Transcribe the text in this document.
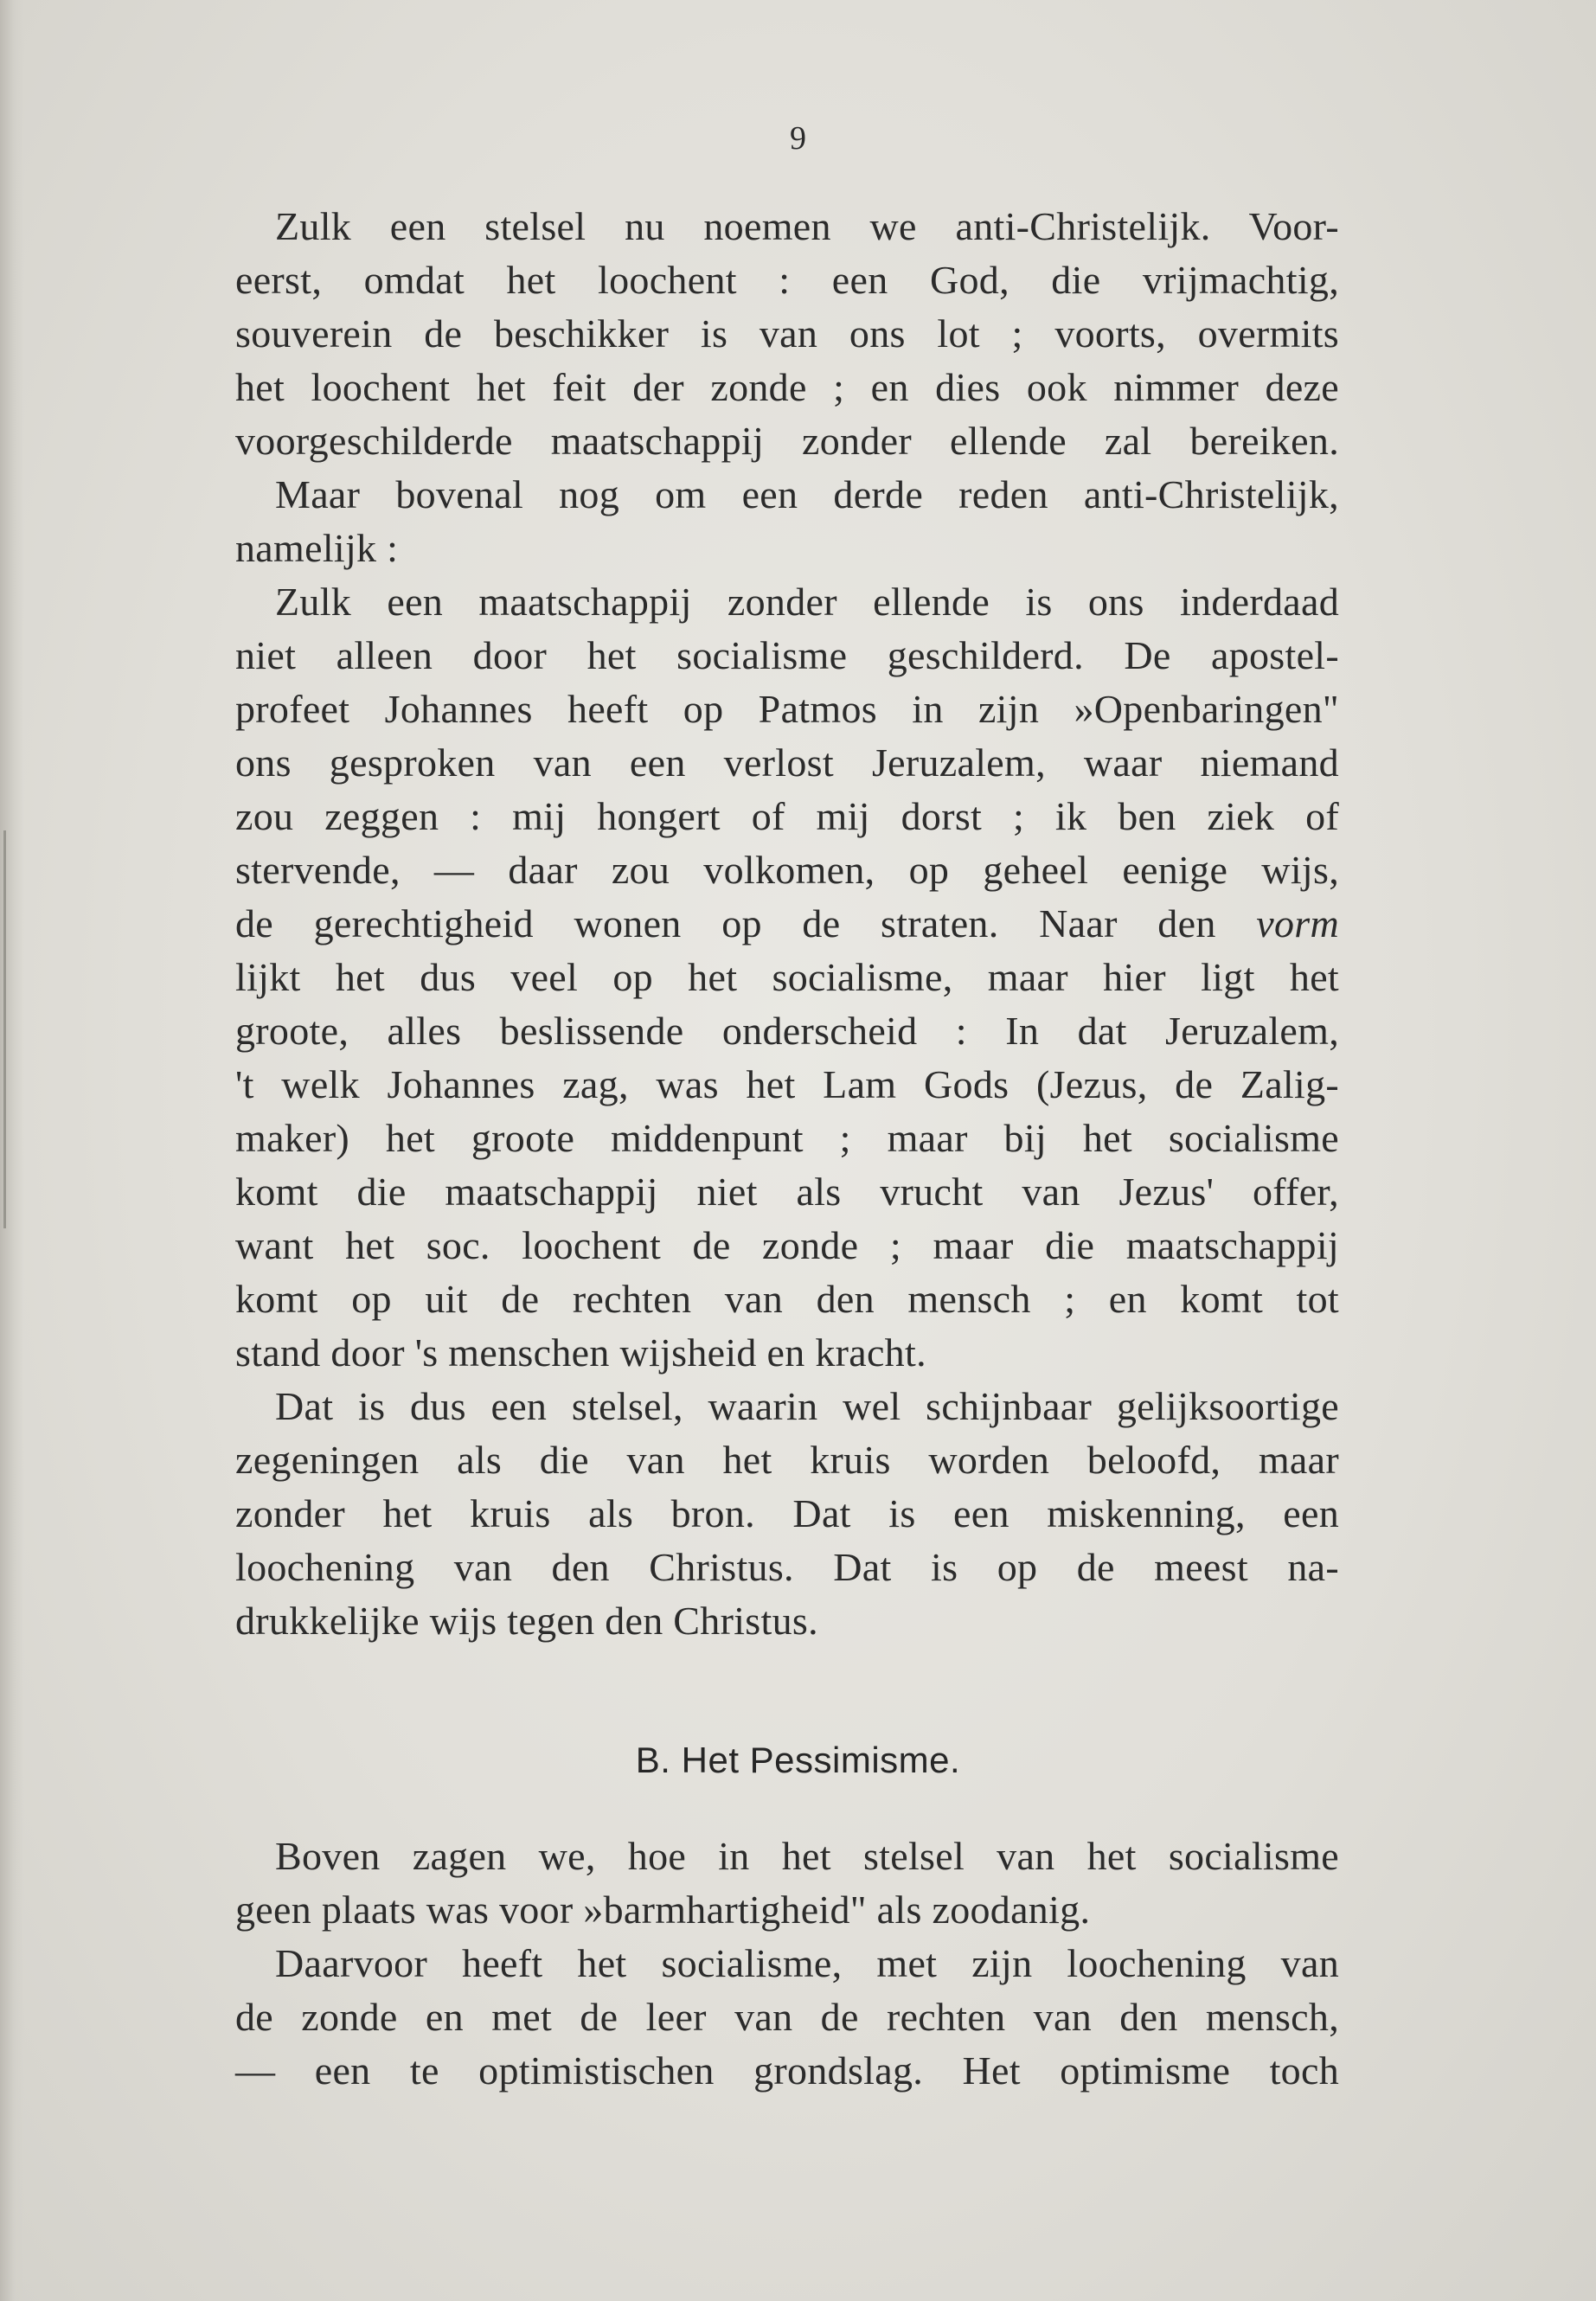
9
Zulk een stelsel nu noemen we anti-Christelijk. Voor-
eerst, omdat het loochent : een God, die vrijmachtig,
souverein de beschikker is van ons lot ; voorts, overmits
het loochent het feit der zonde ; en dies ook nimmer deze
voorgeschilderde maatschappij zonder ellende zal bereiken.
Maar bovenal nog om een derde reden anti-Christelijk,
namelijk :
Zulk een maatschappij zonder ellende is ons inderdaad
niet alleen door het socialisme geschilderd. De apostel-
profeet Johannes heeft op Patmos in zijn »Openbaringen"
ons gesproken van een verlost Jeruzalem, waar niemand
zou zeggen : mij hongert of mij dorst ; ik ben ziek of
stervende, — daar zou volkomen, op geheel eenige wijs,
de gerechtigheid wonen op de straten. Naar den vorm
lijkt het dus veel op het socialisme, maar hier ligt het
groote, alles beslissende onderscheid : In dat Jeruzalem,
't welk Johannes zag, was het Lam Gods (Jezus, de Zalig-
maker) het groote middenpunt ; maar bij het socialisme
komt die maatschappij niet als vrucht van Jezus' offer,
want het soc. loochent de zonde ; maar die maatschappij
komt op uit de rechten van den mensch ; en komt tot
stand door 's menschen wijsheid en kracht.
Dat is dus een stelsel, waarin wel schijnbaar gelijksoortige
zegeningen als die van het kruis worden beloofd, maar
zonder het kruis als bron. Dat is een miskenning, een
loochening van den Christus. Dat is op de meest na-
drukkelijke wijs tegen den Christus.
B. Het Pessimisme.
Boven zagen we, hoe in het stelsel van het socialisme
geen plaats was voor »barmhartigheid" als zoodanig.
Daarvoor heeft het socialisme, met zijn loochening van
de zonde en met de leer van de rechten van den mensch,
— een te optimistischen grondslag. Het optimisme toch
